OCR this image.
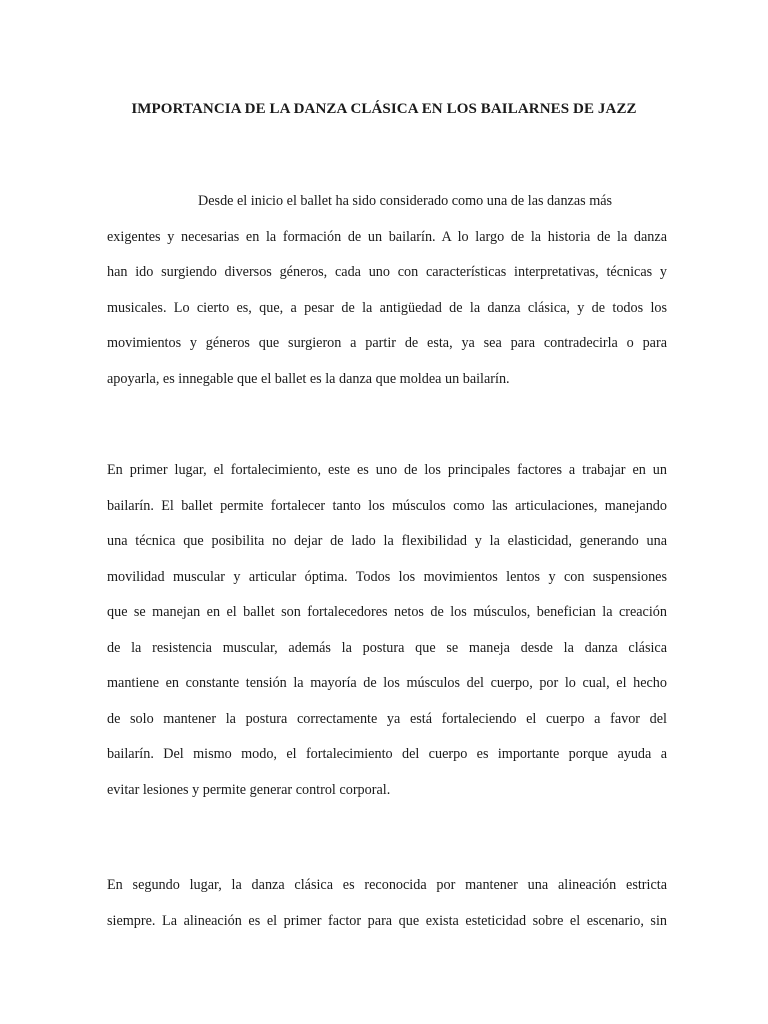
IMPORTANCIA DE LA DANZA CLÁSICA EN LOS BAILARNES DE JAZZ
Desde el inicio el ballet ha sido considerado como una de las danzas más
exigentes y necesarias en la formación de un bailarín. A lo largo de la historia de la danza
han ido surgiendo diversos géneros, cada uno con características interpretativas, técnicas y
musicales. Lo cierto es, que, a pesar de la antigüedad de la danza clásica, y de todos los
movimientos y géneros que surgieron a partir de esta, ya sea para contradecirla o para
apoyarla, es innegable que el ballet es la danza que moldea un bailarín.
En primer lugar, el fortalecimiento, este es uno de los principales factores a trabajar en un
bailarín. El ballet permite fortalecer tanto los músculos como las articulaciones, manejando
una técnica que posibilita no dejar de lado la flexibilidad y la elasticidad, generando una
movilidad muscular y articular óptima. Todos los movimientos lentos y con suspensiones
que se manejan en el ballet son fortalecedores netos de los músculos, benefician la creación
de la resistencia muscular, además la postura que se maneja desde la danza clásica
mantiene en constante tensión la mayoría de los músculos del cuerpo, por lo cual, el hecho
de solo mantener la postura correctamente ya está fortaleciendo el cuerpo a favor del
bailarín. Del mismo modo, el fortalecimiento del cuerpo es importante porque ayuda a
evitar lesiones y permite generar control corporal.
En segundo lugar, la danza clásica es reconocida por mantener una alineación estricta
siempre. La alineación es el primer factor para que exista esteticidad sobre el escenario, sin
